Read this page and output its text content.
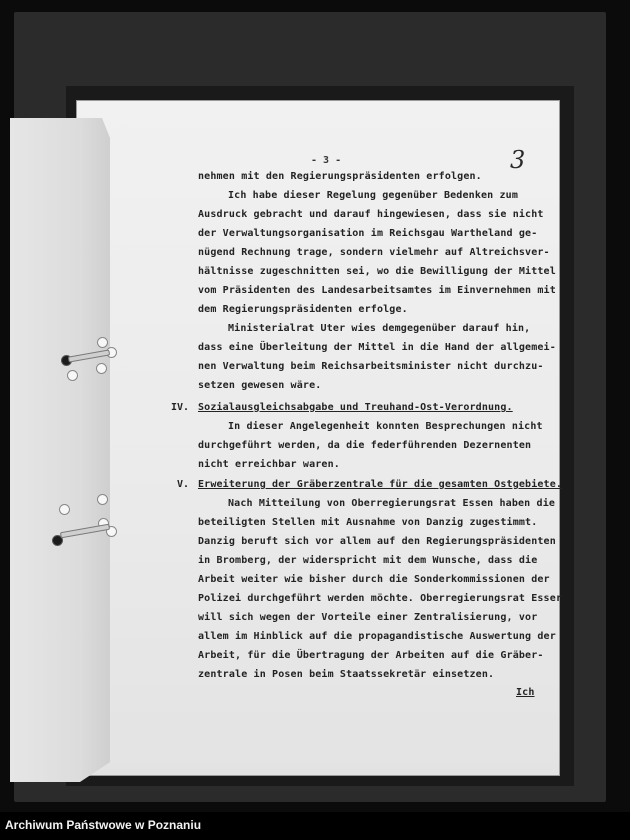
- 3 -	3
nehmen mit den Regierungspräsidenten erfolgen.
Ich habe dieser Regelung gegenüber Bedenken zum
Ausdruck gebracht und darauf hingewiesen, dass sie nicht
der Verwaltungsorganisation im Reichsgau Wartheland ge-
nügend Rechnung trage, sondern vielmehr auf Altreichsver-
hältnisse zugeschnitten sei, wo die Bewilligung der Mittel
vom Präsidenten des Landesarbeitsamtes im Einvernehmen mit
dem Regierungspräsidenten erfolge.
Ministerialrat Uter wies demgegenüber darauf hin,
dass eine Überleitung der Mittel in die Hand der allgemei-
nen Verwaltung beim Reichsarbeitsminister nicht durchzu-
setzen gewesen wäre.
IV. Sozialausgleichsabgabe und Treuhand-Ost-Verordnung.
In dieser Angelegenheit konnten Besprechungen nicht
durchgeführt werden, da die federführenden Dezernenten
nicht erreichbar waren.
V. Erweiterung der Gräberzentrale für die gesamten Ostgebiete.
Nach Mitteilung von Oberregierungsrat Essen haben die
beteiligten Stellen mit Ausnahme von Danzig zugestimmt.
Danzig beruft sich vor allem auf den Regierungspräsidenten
in Bromberg, der widerspricht mit dem Wunsche, dass die
Arbeit weiter wie bisher durch die Sonderkommissionen der
Polizei durchgeführt werden möchte. Oberregierungsrat Esser
will sich wegen der Vorteile einer Zentralisierung, vor
allem im Hinblick auf die propagandistische Auswertung der
Arbeit, für die Übertragung der Arbeiten auf die Gräber-
zentrale in Posen beim Staatssekretär einsetzen.
Ich
Archiwum Państwowe w Poznaniu
